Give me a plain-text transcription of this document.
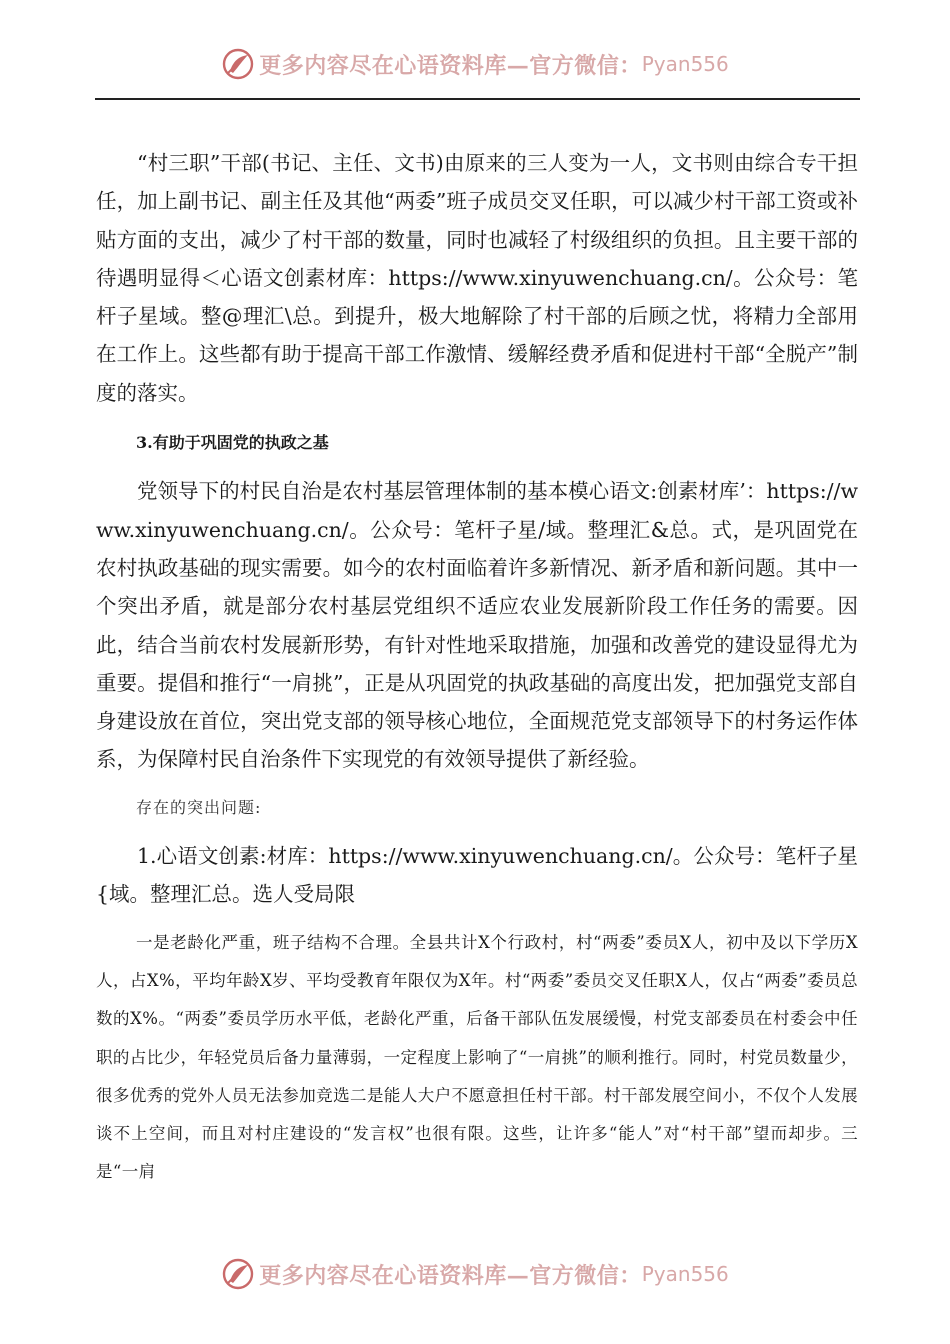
更多内容尽在心语资料库—官方微信： Pyan556

“村三职”干部(书记、主任、文书)由原来的三人变为一人，文书则由综合专干担任，加上副书记、副主任及其他“两委”班子成员交叉任职，可以减少村干部工资或补贴方面的支出，减少了村干部的数量，同时也减轻了村级组织的负担。且主要干部的待遇明显得＜心语文创素材库：https://www.xinyuwenchuang.cn/。公众号：笔杆子星域。整@理汇\总。到提升，极大地解除了村干部的后顾之忧，将精力全部用在工作上。这些都有助于提高干部工作激情、缓解经费矛盾和促进村干部“全脱产”制度的落实。

3.有助于巩固党的执政之基

党领导下的村民自治是农村基层管理体制的基本模心语文:创素材库’：https://www.xinyuwenchuang.cn/。公众号：笔杆子星/域。整理汇&总。式，是巩固党在农村执政基础的现实需要。如今的农村面临着许多新情况、新矛盾和新问题。其中一个突出矛盾，就是部分农村基层党组织不适应农业发展新阶段工作任务的需要。因此，结合当前农村发展新形势，有针对性地采取措施，加强和改善党的建设显得尤为重要。提倡和推行“一肩挑”，正是从巩固党的执政基础的高度出发，把加强党支部自身建设放在首位，突出党支部的领导核心地位，全面规范党支部领导下的村务运作体系，为保障村民自治条件下实现党的有效领导提供了新经验。

存在的突出问题:

1.心语文创素:材库：https://www.xinyuwenchuang.cn/。公众号：笔杆子星{域。整理汇总。选人受局限

一是老龄化严重，班子结构不合理。全县共计X个行政村，村“两委”委员X人，初中及以下学历X人，占X%，平均年龄X岁、平均受教育年限仅为X年。村“两委”委员交叉任职X人，仅占“两委”委员总数的X%。“两委”委员学历水平低，老龄化严重，后备干部队伍发展缓慢，村党支部委员在村委会中任职的占比少，年轻党员后备力量薄弱，一定程度上影响了“一肩挑”的顺利推行。同时，村党员数量少，很多优秀的党外人员无法参加竞选二是能人大户不愿意担任村干部。村干部发展空间小，不仅个人发展谈不上空间，而且对村庄建设的“发言权”也很有限。这些，让许多“能人”对“村干部”望而却步。三是“一肩

更多内容尽在心语资料库—官方微信： Pyan556
